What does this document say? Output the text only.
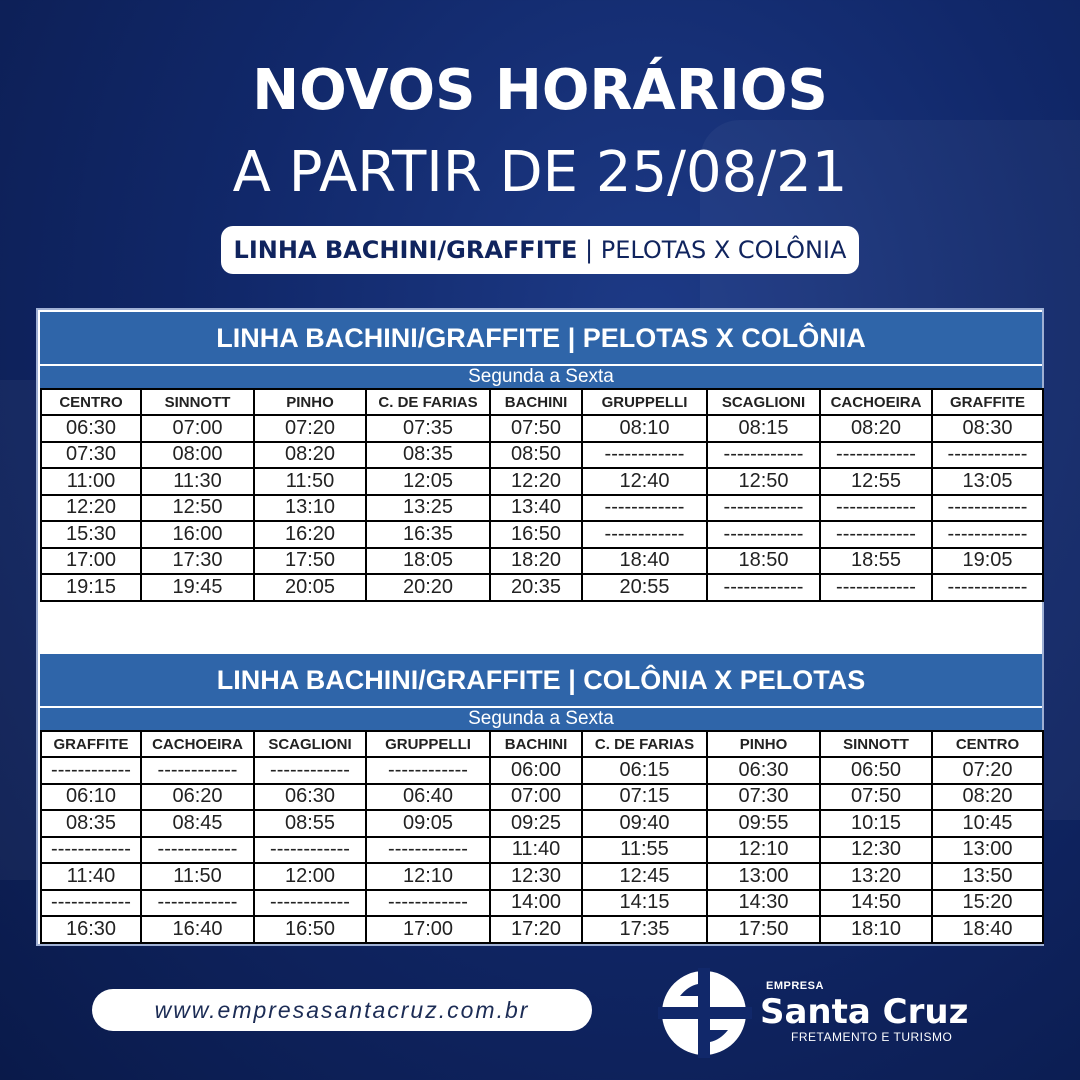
NOVOS HORÁRIOS
A PARTIR DE 25/08/21
LINHA BACHINI/GRAFFITE | PELOTAS X COLÔNIA
LINHA BACHINI/GRAFFITE | PELOTAS X COLÔNIA
Segunda a Sexta
CENTRO	SINNOTT	PINHO	C. DE FARIAS	BACHINI	GRUPPELLI	SCAGLIONI	CACHOEIRA	GRAFFITE
06:30	07:00	07:20	07:35	07:50	08:10	08:15	08:20	08:30
07:30	08:00	08:20	08:35	08:50	------------	------------	------------	------------
11:00	11:30	11:50	12:05	12:20	12:40	12:50	12:55	13:05
12:20	12:50	13:10	13:25	13:40	------------	------------	------------	------------
15:30	16:00	16:20	16:35	16:50	------------	------------	------------	------------
17:00	17:30	17:50	18:05	18:20	18:40	18:50	18:55	19:05
19:15	19:45	20:05	20:20	20:35	20:55	------------	------------	------------
LINHA BACHINI/GRAFFITE | COLÔNIA X PELOTAS
Segunda a Sexta
GRAFFITE	CACHOEIRA	SCAGLIONI	GRUPPELLI	BACHINI	C. DE FARIAS	PINHO	SINNOTT	CENTRO
------------	------------	------------	------------	06:00	06:15	06:30	06:50	07:20
06:10	06:20	06:30	06:40	07:00	07:15	07:30	07:50	08:20
08:35	08:45	08:55	09:05	09:25	09:40	09:55	10:15	10:45
------------	------------	------------	------------	11:40	11:55	12:10	12:30	13:00
11:40	11:50	12:00	12:10	12:30	12:45	13:00	13:20	13:50
------------	------------	------------	------------	14:00	14:15	14:30	14:50	15:20
16:30	16:40	16:50	17:00	17:20	17:35	17:50	18:10	18:40
www.empresasantacruz.com.br
EMPRESA
Santa Cruz
FRETAMENTO E TURISMO
